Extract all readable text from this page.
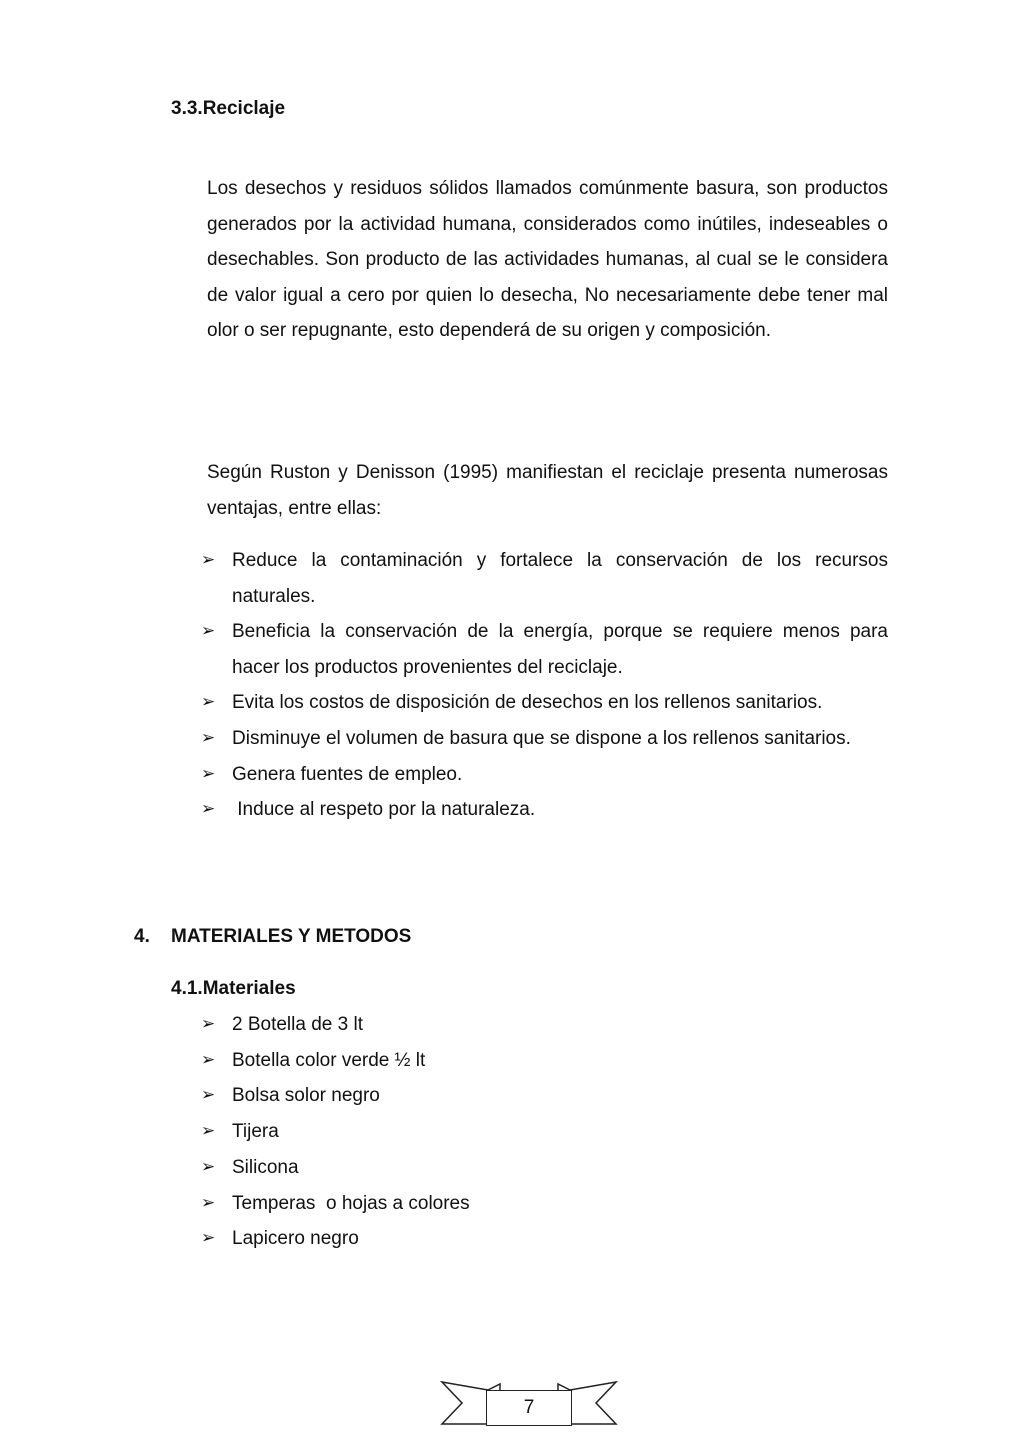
3.3.Reciclaje

Los desechos y residuos sólidos llamados comúnmente basura, son productos generados por la actividad humana, considerados como inútiles, indeseables o desechables. Son producto de las actividades humanas, al cual se le considera de valor igual a cero por quien lo desecha, No necesariamente debe tener mal olor o ser repugnante, esto dependerá de su origen y composición.

Según Ruston y Denisson (1995) manifiestan el reciclaje presenta numerosas ventajas, entre ellas:

➢ Reduce la contaminación y fortalece la conservación de los recursos naturales.
➢ Beneficia la conservación de la energía, porque se requiere menos para hacer los productos provenientes del reciclaje.
➢ Evita los costos de disposición de desechos en los rellenos sanitarios.
➢ Disminuye el volumen de basura que se dispone a los rellenos sanitarios.
➢ Genera fuentes de empleo.
➢ Induce al respeto por la naturaleza.
4. MATERIALES Y METODOS
4.1.Materiales
➢ 2 Botella de 3 lt
➢ Botella color verde ½ lt
➢ Bolsa solor negro
➢ Tijera
➢ Silicona
➢ Temperas  o hojas a colores
➢ Lapicero negro
7
